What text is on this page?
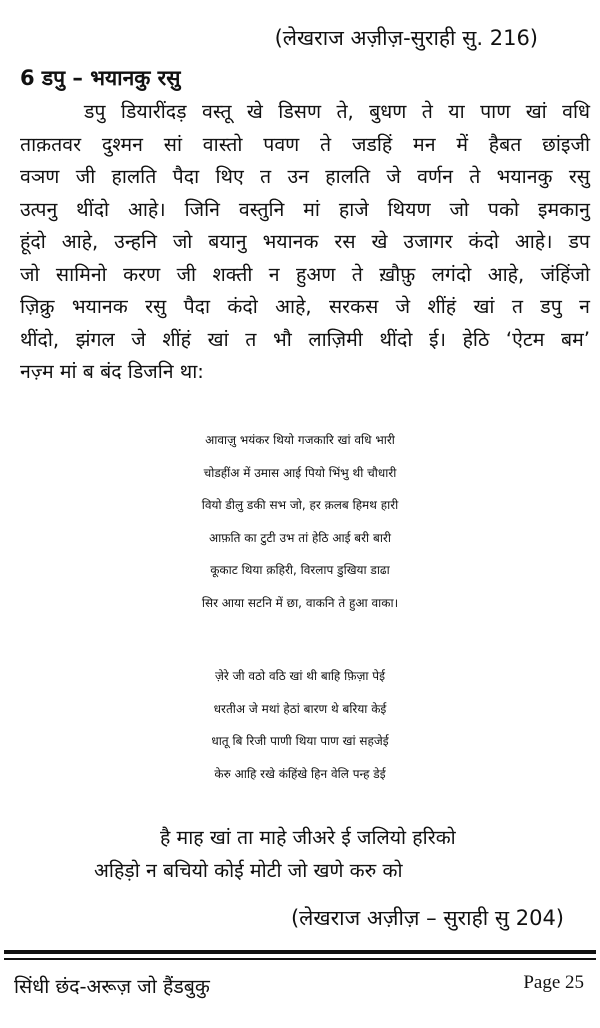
(लेखराज अज़ीज़-सुराही सु. 216)
6 डपु – भयानकु रसु
डपु डियारींदड़ वस्तू खे डिसण ते, बुधण ते या पाण खां वधि
ताक़तवर दुश्मन सां वास्तो पवण ते जडहिं मन में हैबत छांइजी
वञण जी हालति पैदा थिए त उन हालति जे वर्णन ते भयानकु रसु
उत्पनु थींदो आहे। जिनि वस्तुनि मां हाजे थियण जो पको इमकानु
हूंदो आहे, उन्हनि जो बयानु भयानक रस खे उजागर कंदो आहे। डप
जो सामिनो करण जी शक्ती न हुअण ते ख़ौफ़ु लगंदो आहे, जंहिंजो
ज़िक्रु भयानक रसु पैदा कंदो आहे, सरकस जे शींहं खां त डपु न
थींदो, झंगल जे शींहं खां त भौ लाज़िमी थींदो ई। हेठि ‘ऐटम बम’
नज़्म मां ब बंद डिजनि था:
आवाज़ु भयंकर थियो गजकारि खां वधि भारी
चोडहींअ में उमास आई पियो भिंभु थी चौधारी
वियो डीलु डकी सभ जो, हर क़लब हिमथ हारी
आफ़ति का टुटी उभ तां हेठि आई बरी बारी
कूकाट थिया क़हिरी, विरलाप डुखिया डाढा
सिर आया सटनि में छा, वाकनि ते हुआ वाका।
ज़ेरे जी वठो वठि खां थी बाहि फ़िज़ा पेई
धरतीअ जे मथां हेठां बारण थे बरिया केई
धातू बि रिजी पाणी थिया पाण खां सहजेई
केरु आहि रखे कंहिंखे हिन वेलि पन्ह डेई
है माह खां ता माहे जीअरे ई जलियो हरिको
अहिड़ो न बचियो कोई मोटी जो खणे करु को
(लेखराज अज़ीज़ – सुराही सु 204)
सिंधी छंद-अरूज़ जो हैंडबुकु	Page 25
